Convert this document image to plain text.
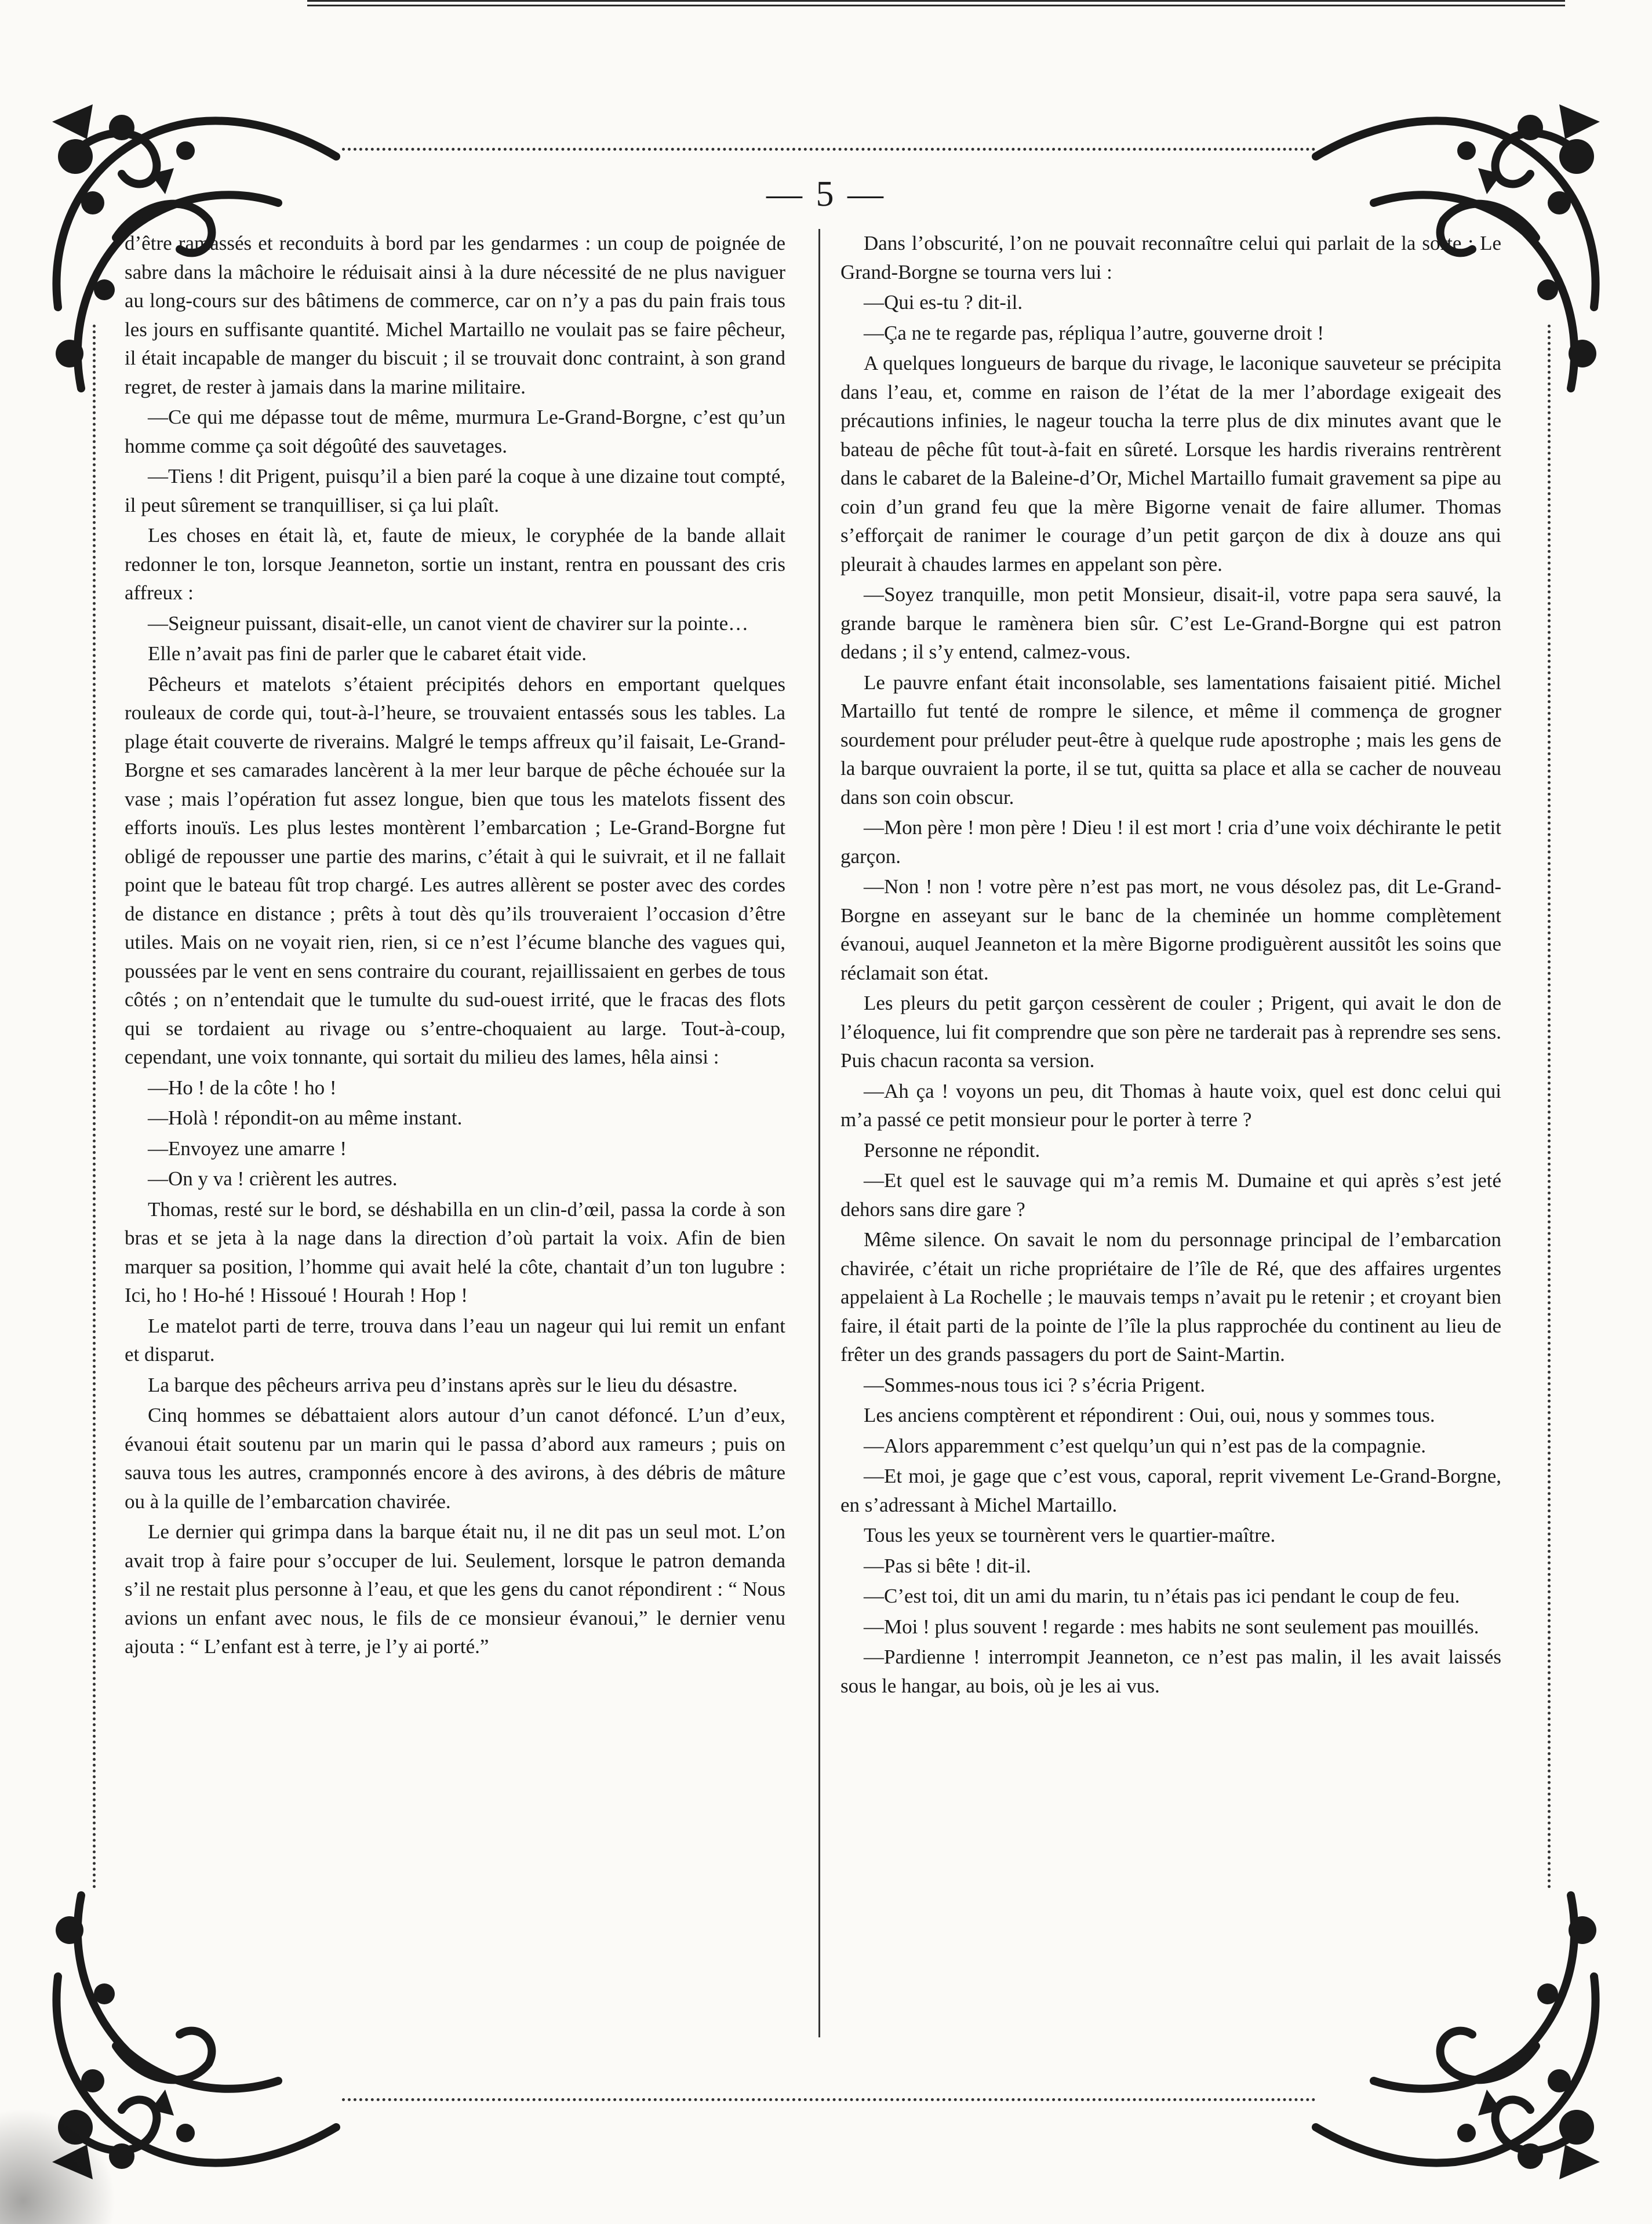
— 5 —

d’être ramassés et reconduits à bord par les gendarmes : un coup de poignée de sabre dans la mâchoire le réduisait ainsi à la dure nécessité de ne plus naviguer au long-cours sur des bâtimens de commerce, car on n’y a pas du pain frais tous les jours en suffisante quantité. Michel Martaillo ne voulait pas se faire pêcheur, il était incapable de manger du biscuit ; il se trouvait donc contraint, à son grand regret, de rester à jamais dans la marine militaire.

—Ce qui me dépasse tout de même, murmura Le-Grand-Borgne, c’est qu’un homme comme ça soit dégoûté des sauvetages.

—Tiens ! dit Prigent, puisqu’il a bien paré la coque à une dizaine tout compté, il peut sûrement se tranquilliser, si ça lui plaît.

Les choses en était là, et, faute de mieux, le coryphée de la bande allait redonner le ton, lorsque Jeanneton, sortie un instant, rentra en poussant des cris affreux :

—Seigneur puissant, disait-elle, un canot vient de chavirer sur la pointe…

Elle n’avait pas fini de parler que le cabaret était vide.

Pêcheurs et matelots s’étaient précipités dehors en emportant quelques rouleaux de corde qui, tout-à-l’heure, se trouvaient entassés sous les tables. La plage était couverte de riverains. Malgré le temps affreux qu’il faisait, Le-Grand-Borgne et ses camarades lancèrent à la mer leur barque de pêche échouée sur la vase ; mais l’opération fut assez longue, bien que tous les matelots fissent des efforts inouïs. Les plus lestes montèrent l’embarcation ; Le-Grand-Borgne fut obligé de repousser une partie des marins, c’était à qui le suivrait, et il ne fallait point que le bateau fût trop chargé. Les autres allèrent se poster avec des cordes de distance en distance ; prêts à tout dès qu’ils trouveraient l’occasion d’être utiles. Mais on ne voyait rien, rien, si ce n’est l’écume blanche des vagues qui, poussées par le vent en sens contraire du courant, rejaillissaient en gerbes de tous côtés ; on n’entendait que le tumulte du sud-ouest irrité, que le fracas des flots qui se tordaient au rivage ou s’entre-choquaient au large. Tout-à-coup, cependant, une voix tonnante, qui sortait du milieu des lames, hêla ainsi :

—Ho ! de la côte ! ho !

—Holà ! répondit-on au même instant.

—Envoyez une amarre !

—On y va ! crièrent les autres.

Thomas, resté sur le bord, se déshabilla en un clin-d’œil, passa la corde à son bras et se jeta à la nage dans la direction d’où partait la voix. Afin de bien marquer sa position, l’homme qui avait helé la côte, chantait d’un ton lugubre : Ici, ho ! Ho-hé ! Hissoué ! Hourah ! Hop !

Le matelot parti de terre, trouva dans l’eau un nageur qui lui remit un enfant et disparut.

La barque des pêcheurs arriva peu d’instans après sur le lieu du désastre.

Cinq hommes se débattaient alors autour d’un canot défoncé. L’un d’eux, évanoui était soutenu par un marin qui le passa d’abord aux rameurs ; puis on sauva tous les autres, cramponnés encore à des avirons, à des débris de mâture ou à la quille de l’embarcation chavirée.

Le dernier qui grimpa dans la barque était nu, il ne dit pas un seul mot. L’on avait trop à faire pour s’occuper de lui. Seulement, lorsque le patron demanda s’il ne restait plus personne à l’eau, et que les gens du canot répondirent : “ Nous avions un enfant avec nous, le fils de ce monsieur évanoui,” le dernier venu ajouta : “ L’enfant est à terre, je l’y ai porté.”

Dans l’obscurité, l’on ne pouvait reconnaître celui qui parlait de la sorte : Le Grand-Borgne se tourna vers lui :

—Qui es-tu ? dit-il.

—Ça ne te regarde pas, répliqua l’autre, gouverne droit !

A quelques longueurs de barque du rivage, le laconique sauveteur se précipita dans l’eau, et, comme en raison de l’état de la mer l’abordage exigeait des précautions infinies, le nageur toucha la terre plus de dix minutes avant que le bateau de pêche fût tout-à-fait en sûreté. Lorsque les hardis riverains rentrèrent dans le cabaret de la Baleine-d’Or, Michel Martaillo fumait gravement sa pipe au coin d’un grand feu que la mère Bigorne venait de faire allumer. Thomas s’efforçait de ranimer le courage d’un petit garçon de dix à douze ans qui pleurait à chaudes larmes en appelant son père.

—Soyez tranquille, mon petit Monsieur, disait-il, votre papa sera sauvé, la grande barque le ramènera bien sûr. C’est Le-Grand-Borgne qui est patron dedans ; il s’y entend, calmez-vous.

Le pauvre enfant était inconsolable, ses lamentations faisaient pitié. Michel Martaillo fut tenté de rompre le silence, et même il commença de grogner sourdement pour préluder peut-être à quelque rude apostrophe ; mais les gens de la barque ouvraient la porte, il se tut, quitta sa place et alla se cacher de nouveau dans son coin obscur.

—Mon père ! mon père ! Dieu ! il est mort ! cria d’une voix déchirante le petit garçon.

—Non ! non ! votre père n’est pas mort, ne vous désolez pas, dit Le-Grand-Borgne en asseyant sur le banc de la cheminée un homme complètement évanoui, auquel Jeanneton et la mère Bigorne prodiguèrent aussitôt les soins que réclamait son état.

Les pleurs du petit garçon cessèrent de couler ; Prigent, qui avait le don de l’éloquence, lui fit comprendre que son père ne tarderait pas à reprendre ses sens. Puis chacun raconta sa version.

—Ah ça ! voyons un peu, dit Thomas à haute voix, quel est donc celui qui m’a passé ce petit monsieur pour le porter à terre ?

Personne ne répondit.

—Et quel est le sauvage qui m’a remis M. Dumaine et qui après s’est jeté dehors sans dire gare ?

Même silence. On savait le nom du personnage principal de l’embarcation chavirée, c’était un riche propriétaire de l’île de Ré, que des affaires urgentes appelaient à La Rochelle ; le mauvais temps n’avait pu le retenir ; et croyant bien faire, il était parti de la pointe de l’île la plus rapprochée du continent au lieu de frêter un des grands passagers du port de Saint-Martin.

—Sommes-nous tous ici ? s’écria Prigent.

Les anciens comptèrent et répondirent : Oui, oui, nous y sommes tous.

—Alors apparemment c’est quelqu’un qui n’est pas de la compagnie.

—Et moi, je gage que c’est vous, caporal, reprit vivement Le-Grand-Borgne, en s’adressant à Michel Martaillo.

Tous les yeux se tournèrent vers le quartier-maître.

—Pas si bête ! dit-il.

—C’est toi, dit un ami du marin, tu n’étais pas ici pendant le coup de feu.

—Moi ! plus souvent ! regarde : mes habits ne sont seulement pas mouillés.

—Pardienne ! interrompit Jeanneton, ce n’est pas malin, il les avait laissés sous le hangar, au bois, où je les ai vus.
